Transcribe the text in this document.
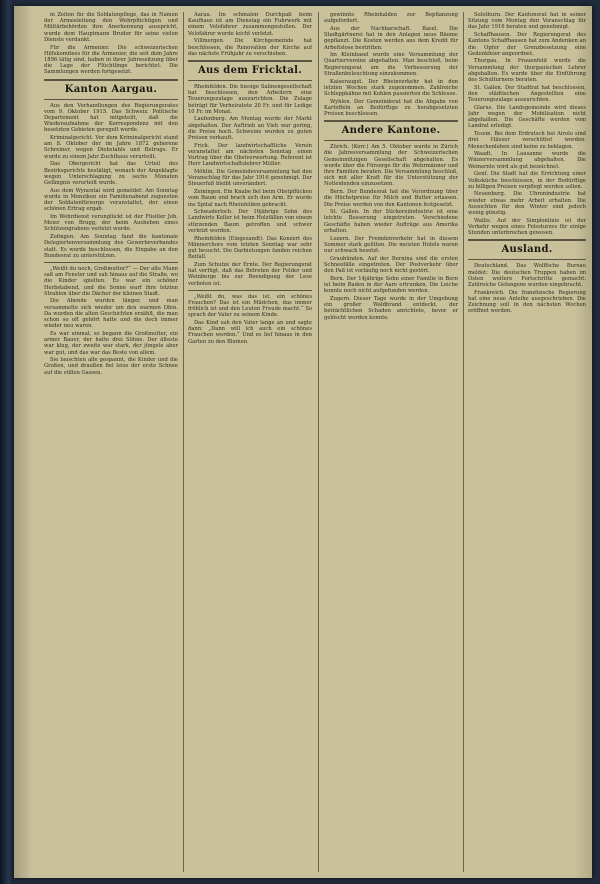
in Zeiten für die Soldatenpflege, das in Namen der Armeeleitung den Wehrpflichtigen und Militärbehörden ihre Anerkennung ausspricht, wurde dem Hauptmann Bruder für seine vielen Dienste verdankt.

Für die Armenier. Die schweizerischen Hilfskomitees für die Armenier, die seit dem Jahre 1896 tätig sind, haben in ihrer Jahressitzung über die Lage der Flüchtlinge berichtet. Die Sammlungen werden fortgesetzt.

Kanton Aargau.

Aus den Verhandlungen des Regierungsrates vom 9. Oktober 1915. Das Schweiz. Politische Departement hat mitgeteilt, daß die Wiederaufnahme der Korrespondenz mit den besetzten Gebieten geregelt wurde.

Kriminalgericht. Vor dem Kriminalgericht stand am 8. Oktober der im Jahre 1872 geborene Schreiner, wegen Diebstahls und Betrugs. Er wurde zu einem Jahr Zuchthaus verurteilt.

Das Obergericht hat das Urteil des Bezirksgerichts bestätigt, wonach der Angeklagte wegen Unterschlagung zu sechs Monaten Gefängnis verurteilt wurde.

Aus dem Wynental wird gemeldet: Am Sonntag wurde in Menziken ein Familienabend zugunsten der Soldatenfürsorge veranstaltet, der einen schönen Ertrag ergab.

Im Wehrdienst verunglückt ist der Füsilier Joh. Meier von Brugg, der beim Ausheben eines Schützengrabens verletzt wurde.

Zofingen. Am Sonntag fand die kantonale Delegiertenversammlung des Gewerbeverbandes statt. Es wurde beschlossen, die Eingabe an den Bundesrat zu unterstützen.

„Weißt du noch, Großmutter?“ — Der alte Mann saß am Fenster und sah hinaus auf die Straße, wo die Kinder spielten. Es war ein schöner Herbstabend, und die Sonne warf ihre letzten Strahlen über die Dächer der kleinen Stadt.

Die Abende wurden länger, und man versammelte sich wieder um den warmen Ofen. Da wurden die alten Geschichten erzählt, die man schon so oft gehört hatte und die doch immer wieder neu waren.

Es war einmal, so begann die Großmutter, ein armer Bauer, der hatte drei Söhne. Der älteste war klug, der zweite war stark, der jüngste aber war gut, und das war das Beste von allem.

Sie lauschten alle gespannt, die Kinder und die Großen, und draußen fiel leise der erste Schnee auf die stillen Gassen.

Aarau. Im schmalen Durchpaß beim Kaufhaus ist am Dienstag ein Fuhrwerk mit einem Velofahrer zusammengestoßen. Der Velofahrer wurde leicht verletzt.

Villmergen. Die Kirchgemeinde hat beschlossen, die Renovation der Kirche auf das nächste Frühjahr zu verschieben.

Aus dem Fricktal.

Rheinfelden. Die hiesige Salinengesellschaft hat beschlossen, den Arbeitern eine Teuerungszulage auszurichten. Die Zulage beträgt für Verheiratete 20 Fr. und für Ledige 10 Fr. im Monat.

Laufenburg. Am Montag wurde der Markt abgehalten. Der Auftrieb an Vieh war gering, die Preise hoch. Schweine wurden zu guten Preisen verkauft.

Frick. Der landwirtschaftliche Verein veranstaltet am nächsten Sonntag einen Vortrag über die Obstverwertung. Referent ist Herr Landwirtschaftslehrer Müller.

Möhlin. Die Gemeindeversammlung hat den Voranschlag für das Jahr 1916 genehmigt. Der Steuerfuß bleibt unverändert.

Zeiningen. Ein Knabe fiel beim Obstpflücken vom Baum und brach sich den Arm. Er wurde ins Spital nach Rheinfelden gebracht.

Schwaderloch. Der 16jährige Sohn des Landwirts Keller ist beim Holzfällen von einem stürzenden Baum getroffen und schwer verletzt worden.

Rheinfelden (Eingesandt). Das Konzert des Männerchors vom letzten Sonntag war sehr gut besucht. Die Darbietungen fanden reichen Beifall.

Zum Schutze der Ernte. Der Regierungsrat hat verfügt, daß das Betreten der Felder und Weinberge bis zur Beendigung der Lese verboten ist.

„Weißt du, was das ist, ein schönes Frauchen? Das ist ein Mädchen, das immer fröhlich ist und den Leuten Freude macht.“ So sprach der Vater zu seinem Kinde.

Das Kind sah den Vater lange an und sagte dann: „Dann will ich auch ein schönes Frauchen werden.“ Und es lief hinaus in den Garten zu den Blumen.

gewinnte Rheinhalden zur Bepflanzung aufgefordert.

Aus der Nachbarschaft. Basel. Die Stadtgärtnerei hat in den Anlagen neue Bäume gepflanzt. Die Kosten werden aus dem Kredit für Arbeitslose bestritten.

Im Kleinbasel wurde eine Versammlung der Quartiervereine abgehalten. Man beschloß, beim Regierungsrat um die Verbesserung der Straßenbeleuchtung einzukommen.

Kaiseraugst. Der Rheinverkehr hat in den letzten Wochen stark zugenommen. Zahlreiche Schleppkähne mit Kohlen passierten die Schleuse.

Wyhlen. Der Gemeinderat hat die Abgabe von Kartoffeln an Bedürftige zu herabgesetzten Preisen beschlossen.

Andere Kantone.

Zürich. (Korr.) Am 5. Oktober wurde in Zürich die Jahresversammlung der Schweizerischen Gemeinnützigen Gesellschaft abgehalten. Es wurde über die Fürsorge für die Wehrmänner und ihre Familien beraten. Die Versammlung beschloß, sich mit aller Kraft für die Unterstützung der Notleidenden einzusetzen.

Bern. Der Bundesrat hat die Verordnung über die Höchstpreise für Milch und Butter erlassen. Die Preise werden von den Kantonen festgesetzt.

St. Gallen. In der Stickereiindustrie ist eine leichte Besserung eingetreten. Verschiedene Geschäfte haben wieder Aufträge aus Amerika erhalten.

Luzern. Der Fremdenverkehr hat in diesem Sommer stark gelitten. Die meisten Hotels waren nur schwach besetzt.

Graubünden. Auf der Bernina sind die ersten Schneefälle eingetreten. Der Postverkehr über den Paß ist vorläufig noch nicht gestört.

Bern. Der 14jährige Sohn einer Familie in Bern ist beim Baden in der Aare ertrunken. Die Leiche konnte noch nicht aufgefunden werden.

Zugern. Dieser Tage wurde in der Umgebung ein großer Waldbrand entdeckt, der beträchtlichen Schaden anrichtete, bevor er gelöscht werden konnte.

Solothurn. Der Kantonsrat hat in seiner Sitzung vom Montag den Voranschlag für das Jahr 1916 beraten und genehmigt.

Schaffhausen. Der Regierungsrat des Kantons Schaffhausen hat zum Andenken an die Opfer der Grenzbesetzung eine Gedenkfeier angeordnet.

Thurgau. In Frauenfeld wurde die Versammlung der thurgauischen Lehrer abgehalten. Es wurde über die Einführung des Schulturnens beraten.

St. Gallen. Der Stadtrat hat beschlossen, den städtischen Angestellten eine Teuerungszulage auszurichten.

Glarus. Die Landsgemeinde wird dieses Jahr wegen der Mobilisation nicht abgehalten. Die Geschäfte werden vom Landrat erledigt.

Tessin. Bei dem Erdrutsch bei Airolo sind drei Häuser verschüttet worden. Menschenleben sind keine zu beklagen.

Waadt. In Lausanne wurde die Winzerversammlung abgehalten. Die Weinernte wird als gut bezeichnet.

Genf. Die Stadt hat die Errichtung einer Volksküche beschlossen, in der Bedürftige zu billigen Preisen verpflegt werden sollen.

Neuenburg. Die Uhrenindustrie hat wieder etwas mehr Arbeit erhalten. Die Aussichten für den Winter sind jedoch wenig günstig.

Wallis. Auf der Simplonlinie ist der Verkehr wegen eines Felssturzes für einige Stunden unterbrochen gewesen.

Ausland.

Deutschland. Das Wolffsche Bureau meldet: Die deutschen Truppen haben im Osten weitere Fortschritte gemacht. Zahlreiche Gefangene wurden eingebracht.

Frankreich. Die französische Regierung hat eine neue Anleihe ausgeschrieben. Die Zeichnung soll in den nächsten Wochen eröffnet werden.
